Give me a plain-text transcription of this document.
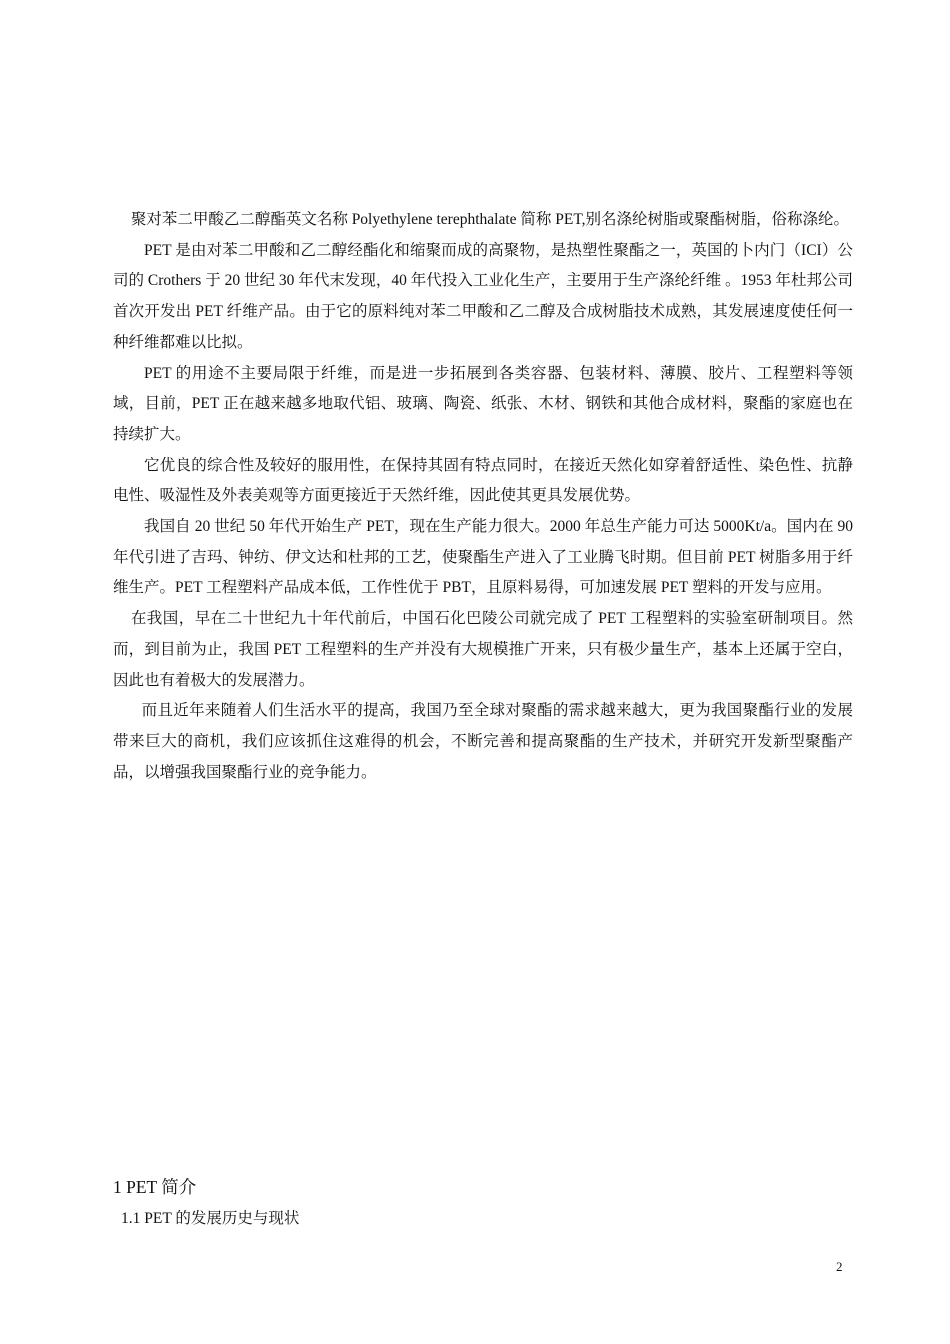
聚对苯二甲酸乙二醇酯英文名称 Polyethylene terephthalate 简称 PET,别名涤纶树脂或聚酯树脂，俗称涤纶。

PET 是由对苯二甲酸和乙二醇经酯化和缩聚而成的高聚物，是热塑性聚酯之一，英国的卜内门（ICI）公司的 Crothers 于 20 世纪 30 年代末发现，40 年代投入工业化生产，主要用于生产涤纶纤维 。1953 年杜邦公司首次开发出 PET 纤维产品。由于它的原料纯对苯二甲酸和乙二醇及合成树脂技术成熟，其发展速度使任何一种纤维都难以比拟。

PET 的用途不主要局限于纤维，而是进一步拓展到各类容器、包装材料、薄膜、胶片、工程塑料等领域，目前，PET 正在越来越多地取代铝、玻璃、陶瓷、纸张、木材、钢铁和其他合成材料，聚酯的家庭也在持续扩大。

它优良的综合性及较好的服用性，在保持其固有特点同时，在接近天然化如穿着舒适性、染色性、抗静电性、吸湿性及外表美观等方面更接近于天然纤维，因此使其更具发展优势。

我国自 20 世纪 50 年代开始生产 PET，现在生产能力很大。2000 年总生产能力可达 5000Kt/a。国内在 90 年代引进了吉玛、钟纺、伊文达和杜邦的工艺，使聚酯生产进入了工业腾飞时期。但目前 PET 树脂多用于纤维生产。PET 工程塑料产品成本低，工作性优于 PBT，且原料易得，可加速发展 PET 塑料的开发与应用。

在我国，早在二十世纪九十年代前后，中国石化巴陵公司就完成了 PET 工程塑料的实验室研制项目。然而，到目前为止，我国 PET 工程塑料的生产并没有大规模推广开来，只有极少量生产，基本上还属于空白，因此也有着极大的发展潜力。

而且近年来随着人们生活水平的提高，我国乃至全球对聚酯的需求越来越大，更为我国聚酯行业的发展带来巨大的商机，我们应该抓住这难得的机会，不断完善和提高聚酯的生产技术，并研究开发新型聚酯产品，以增强我国聚酯行业的竞争能力。

1 PET 简介
1.1 PET 的发展历史与现状
2
